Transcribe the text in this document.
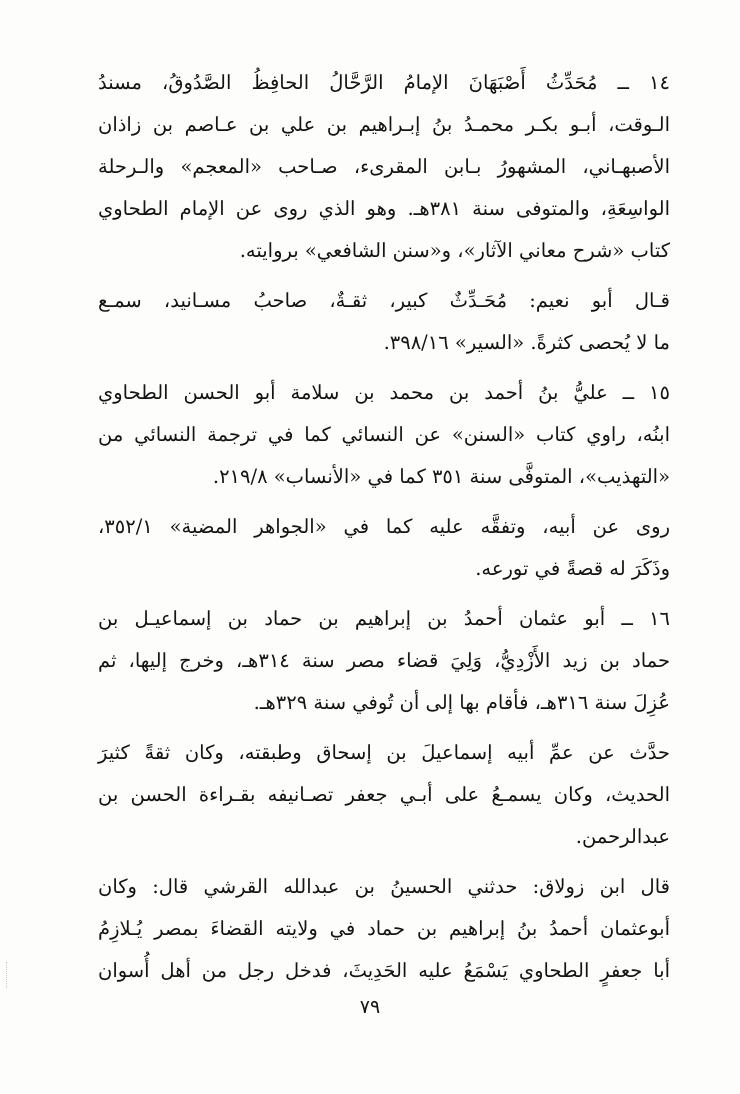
١٤ ــ مُحَدِّثُ أَصْبَهَانَ الإمامُ الرَّحَّالُ الحافِظُ الصَّدُوقُ، مسندُ
الـوقت، أبـو بكـر محمـدُ بنُ إبـراهيم بن علي بن عـاصم بن زاذان
الأصبهـاني، المشهورُ بـابن المقرىء، صـاحب «المعجم» والـرحلة
الواسِعَةِ، والمتوفى سنة ٣٨١هـ. وهو الذي روى عن الإمام الطحاوي
كتاب «شرح معاني الآثار»، و«سنن الشافعي» بروايته.

قـال أبو نعيم: مُحَـدِّثٌ كبير، ثقـةٌ، صاحبُ مسـانيد، سمـع
ما لا يُحصى كثرةً. «السير» ٣٩٨/١٦.

١٥ ــ عليُّ بنُ أحمد بن محمد بن سلامة أبو الحسن الطحاوي
ابنُه، راوي كتاب «السنن» عن النسائي كما في ترجمة النسائي من
«التهذيب»، المتوفَّى سنة ٣٥١ كما في «الأنساب» ٢١٩/٨.

روى عن أبيه، وتفقَّه عليه كما في «الجواهر المضية» ٣٥٢/١،
وذَكَرَ له قصةً في تورعه.

١٦ ــ أبو عثمان أحمدُ بن إبراهيم بن حماد بن إسماعيـل بن
حماد بن زيد الأَزْدِيُّ، وَلِيَ قضاء مصر سنة ٣١٤هـ، وخرج إليها، ثم
عُزِلَ سنة ٣١٦هـ، فأقام بها إلى أن تُوفي سنة ٣٢٩هـ.

حدَّث عن عمِّ أبيه إسماعيلَ بن إسحاق وطبقته، وكان ثقةً كثيرَ
الحديث، وكان يسمـعُ على أبـي جعفر تصـانيفه بقـراءة الحسن بن
عبدالرحمن.

قال ابن زولاق: حدثني الحسينُ بن عبدالله القرشي قال: وكان
أبوعثمان أحمدُ بنُ إبراهيم بن حماد في ولايته القضاءَ بمصر يُـلازِمُ
أبا جعفرٍ الطحاوي يَسْمَعُ عليه الحَدِيثَ، فدخل رجل من أهل أُسوان

٧٩
